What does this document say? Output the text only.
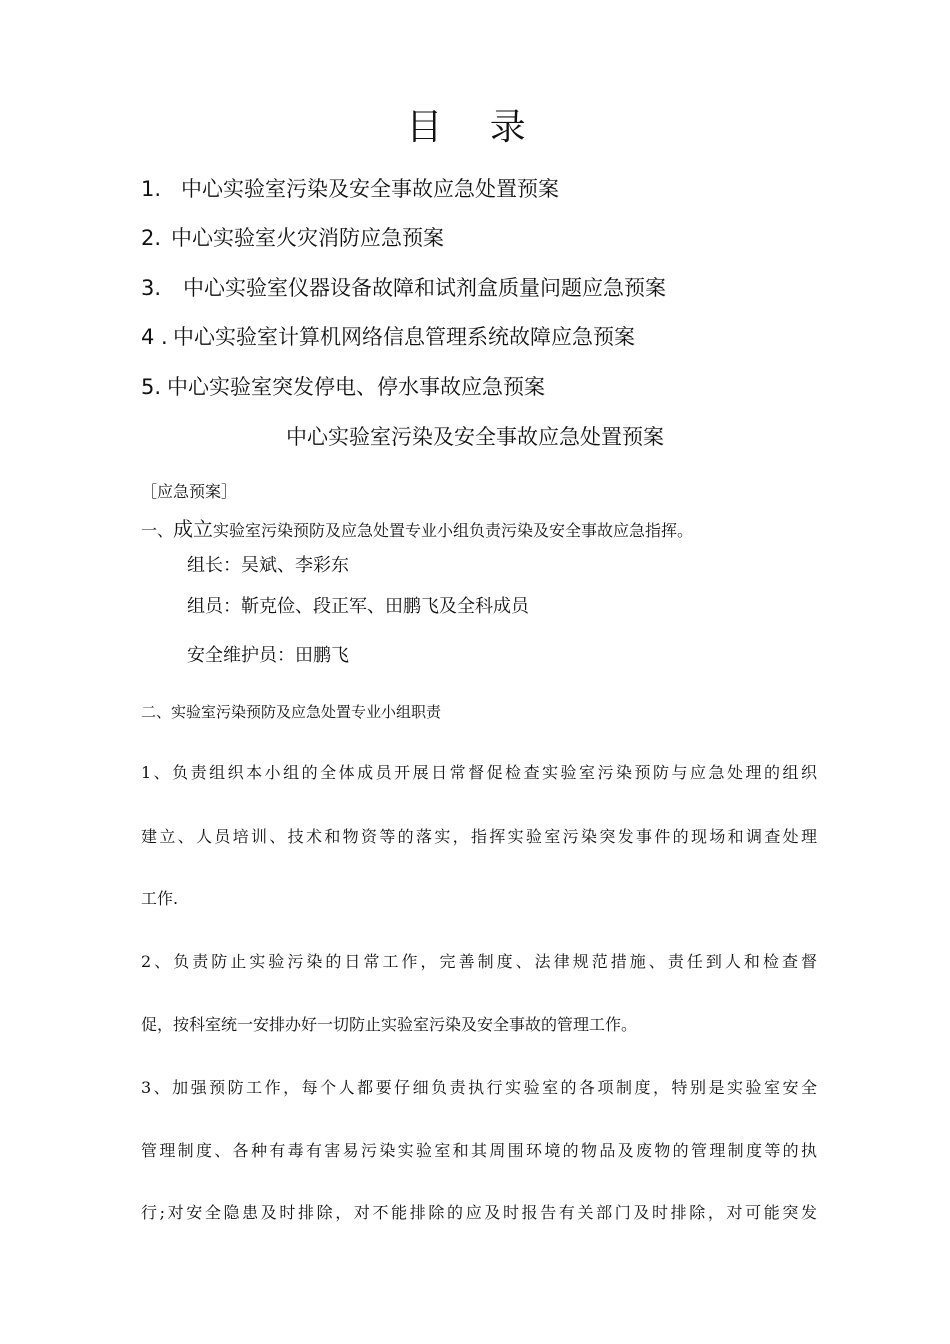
目 录
1. 中心实验室污染及安全事故应急处置预案
2. 中心实验室火灾消防应急预案
3. 中心实验室仪器设备故障和试剂盒质量问题应急预案
4 . 中心实验室计算机网络信息管理系统故障应急预案
5. 中心实验室突发停电、停水事故应急预案
中心实验室污染及安全事故应急处置预案
［应急预案］
一、成立实验室污染预防及应急处置专业小组负责污染及安全事故应急指挥。
组长：吴斌、李彩东
组员：靳克俭、段正军、田鹏飞及全科成员
安全维护员：田鹏飞
二、实验室污染预防及应急处置专业小组职责
1、负责组织本小组的全体成员开展日常督促检查实验室污染预防与应急处理的组织
建立、人员培训、技术和物资等的落实，指挥实验室污染突发事件的现场和调查处理
工作.
2、负责防止实验污染的日常工作，完善制度、法律规范措施、责任到人和检查督
促，按科室统一安排办好一切防止实验室污染及安全事故的管理工作。
3、加强预防工作，每个人都要仔细负责执行实验室的各项制度，特别是实验室安全
管理制度、各种有毒有害易污染实验室和其周围环境的物品及废物的管理制度等的执
行;对安全隐患及时排除，对不能排除的应及时报告有关部门及时排除，对可能突发
